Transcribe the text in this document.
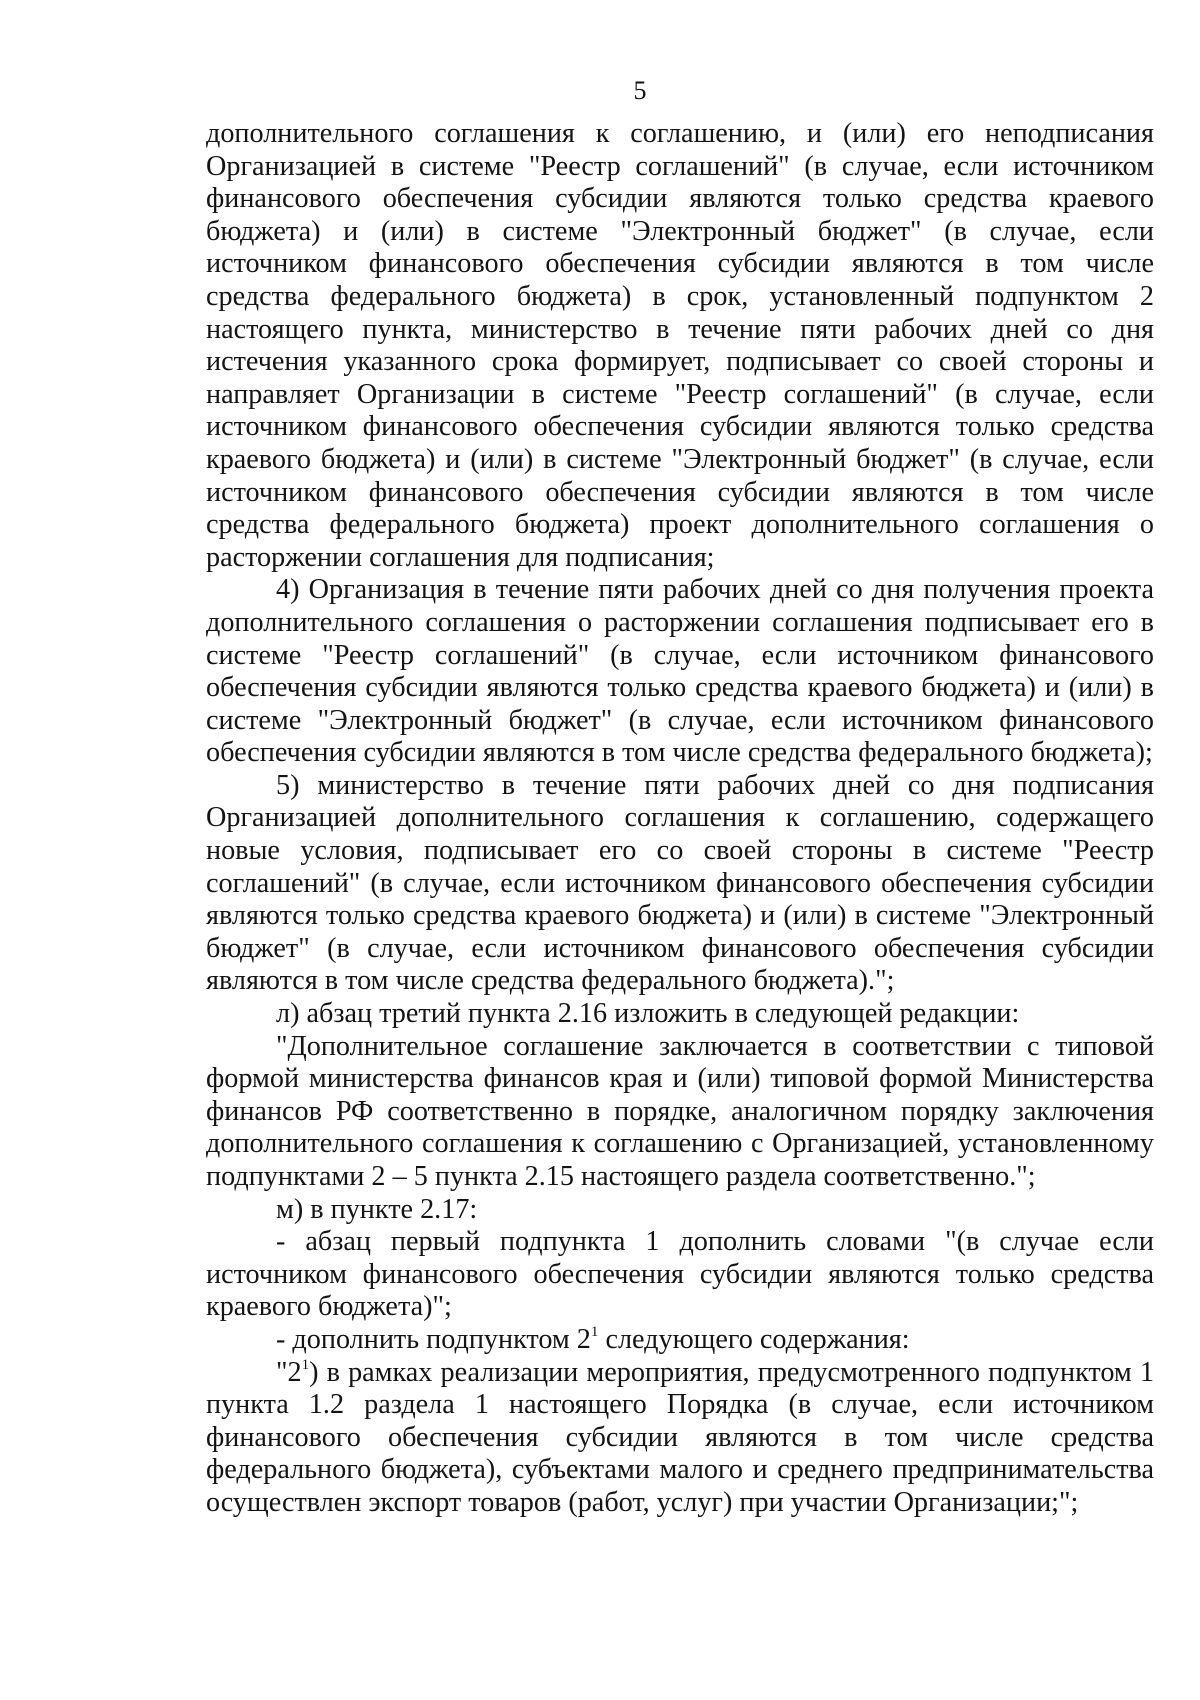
5

дополнительного соглашения к соглашению, и (или) его неподписания Организацией в системе "Реестр соглашений" (в случае, если источником финансового обеспечения субсидии являются только средства краевого бюджета) и (или) в системе "Электронный бюджет" (в случае, если источником финансового обеспечения субсидии являются в том числе средства федерального бюджета) в срок, установленный подпунктом 2 настоящего пункта, министерство в течение пяти рабочих дней со дня истечения указанного срока формирует, подписывает со своей стороны и направляет Организации в системе "Реестр соглашений" (в случае, если источником финансового обеспечения субсидии являются только средства краевого бюджета) и (или) в системе "Электронный бюджет" (в случае, если источником финансового обеспечения субсидии являются в том числе средства федерального бюджета) проект дополнительного соглашения о расторжении соглашения для подписания;

4) Организация в течение пяти рабочих дней со дня получения проекта дополнительного соглашения о расторжении соглашения подписывает его в системе "Реестр соглашений" (в случае, если источником финансового обеспечения субсидии являются только средства краевого бюджета) и (или) в системе "Электронный бюджет" (в случае, если источником финансового обеспечения субсидии являются в том числе средства федерального бюджета);

5) министерство в течение пяти рабочих дней со дня подписания Организацией дополнительного соглашения к соглашению, содержащего новые условия, подписывает его со своей стороны в системе "Реестр соглашений" (в случае, если источником финансового обеспечения субсидии являются только средства краевого бюджета) и (или) в системе "Электронный бюджет" (в случае, если источником финансового обеспечения субсидии являются в том числе средства федерального бюджета).";

л) абзац третий пункта 2.16 изложить в следующей редакции:

"Дополнительное соглашение заключается в соответствии с типовой формой министерства финансов края и (или) типовой формой Министерства финансов РФ соответственно в порядке, аналогичном порядку заключения дополнительного соглашения к соглашению с Организацией, установленному подпунктами 2 – 5 пункта 2.15 настоящего раздела соответственно.";

м) в пункте 2.17:

- абзац первый подпункта 1 дополнить словами "(в случае если источником финансового обеспечения субсидии являются только средства краевого бюджета)";

- дополнить подпунктом $2^1$ следующего содержания:

"$2^1$) в рамках реализации мероприятия, предусмотренного подпунктом 1 пункта 1.2 раздела 1 настоящего Порядка (в случае, если источником финансового обеспечения субсидии являются в том числе средства федерального бюджета), субъектами малого и среднего предпринимательства осуществлен экспорт товаров (работ, услуг) при участии Организации;";
